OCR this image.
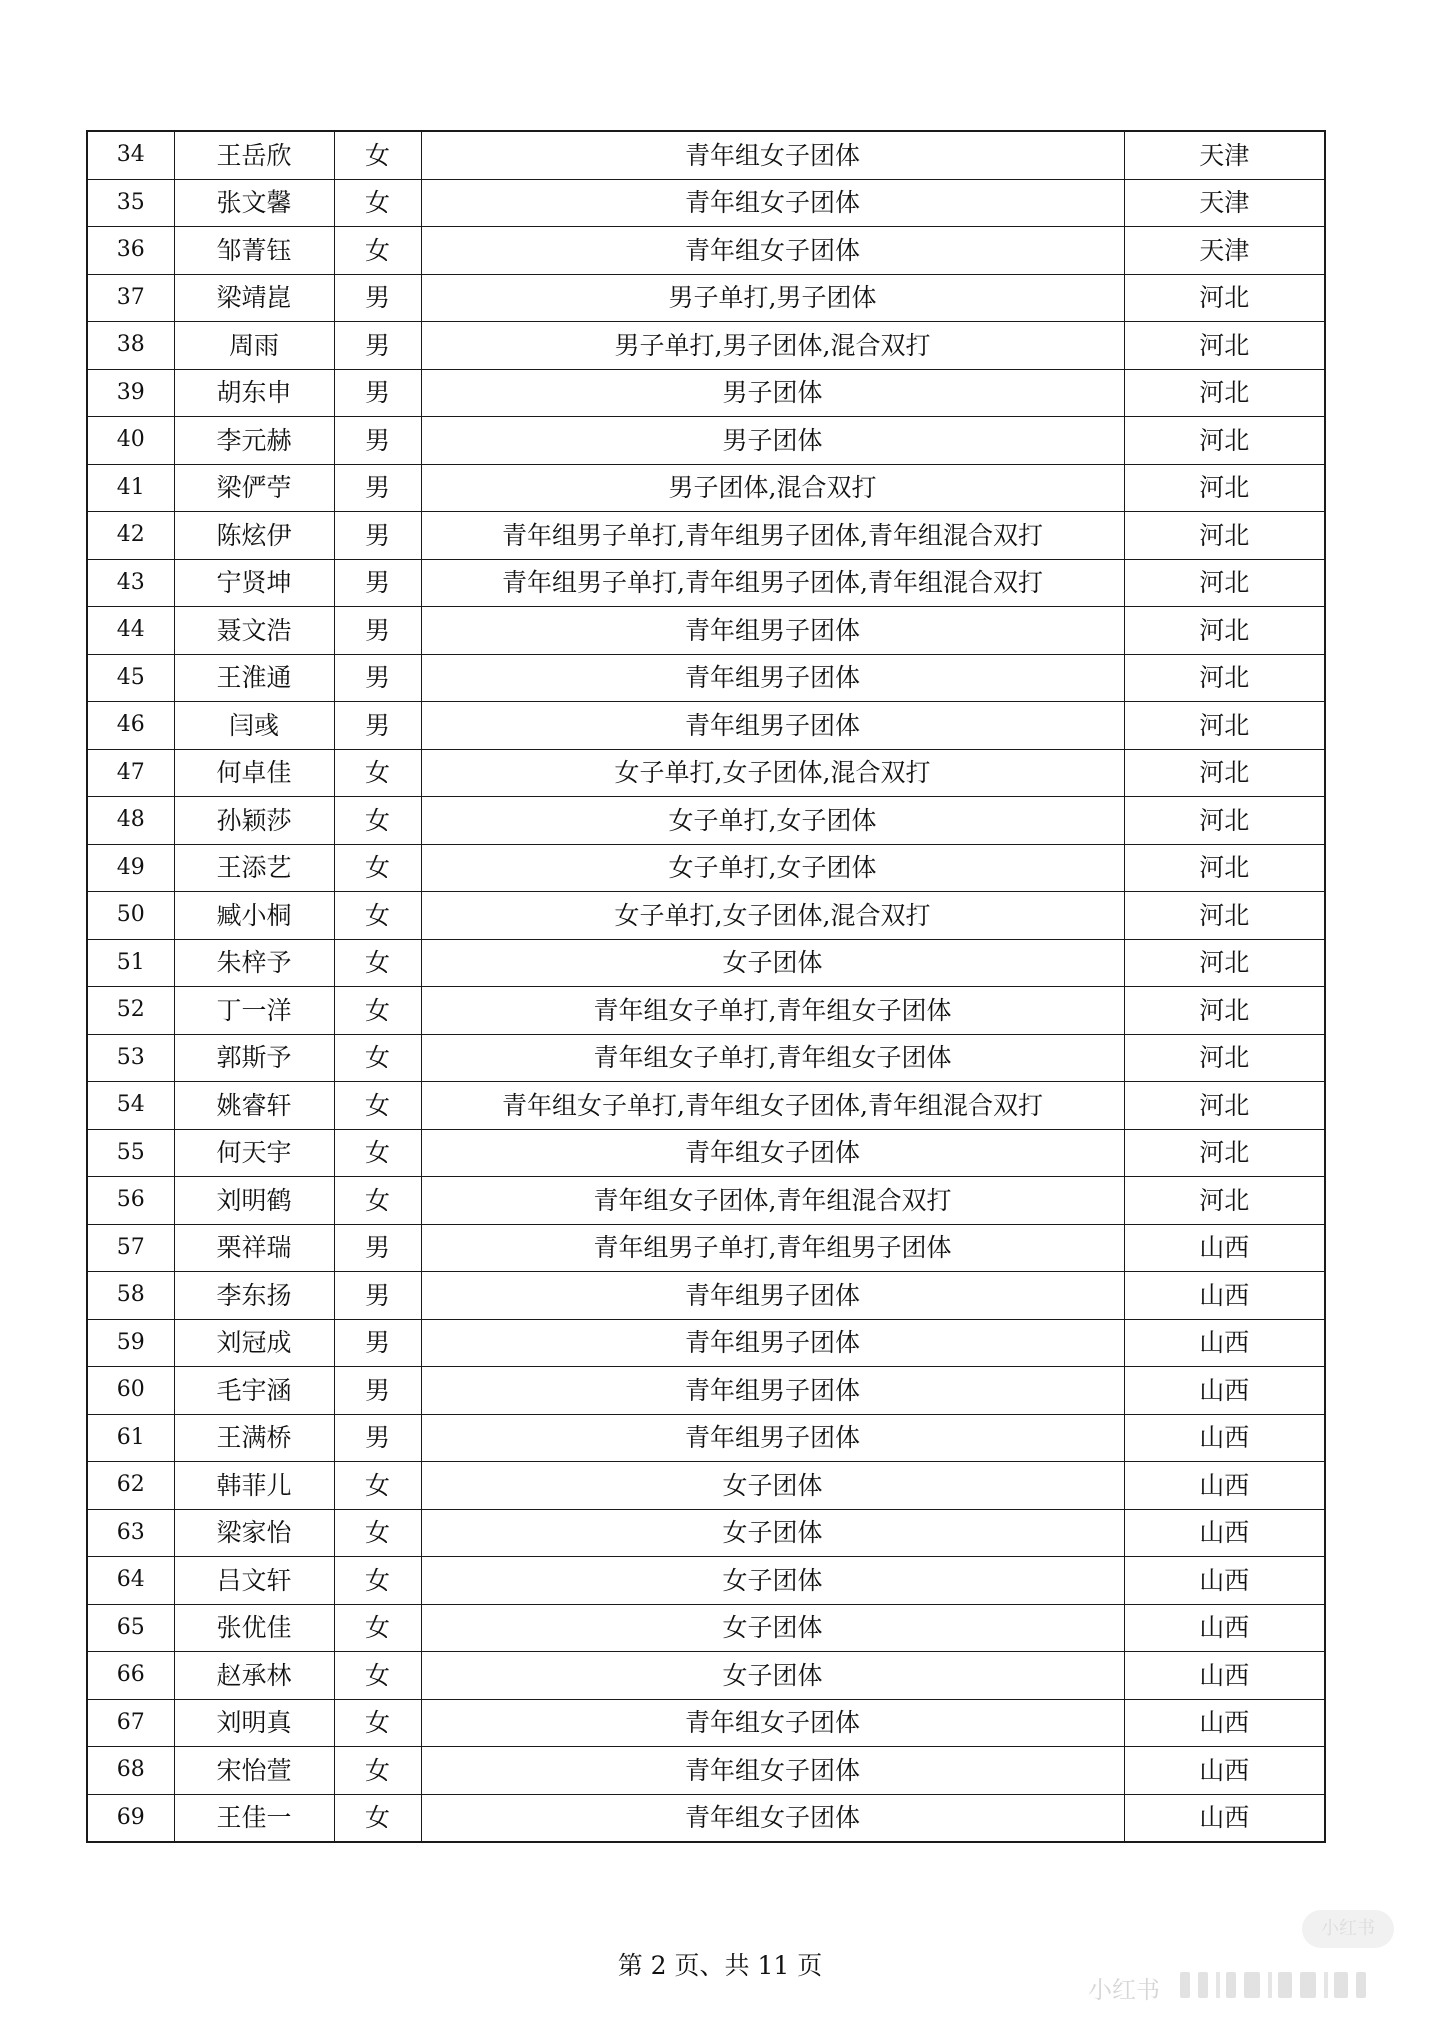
34	王岳欣	女	青年组女子团体	天津
35	张文馨	女	青年组女子团体	天津
36	邹菁钰	女	青年组女子团体	天津
37	梁靖崑	男	男子单打,男子团体	河北
38	周雨	男	男子单打,男子团体,混合双打	河北
39	胡东申	男	男子团体	河北
40	李元赫	男	男子团体	河北
41	梁俨苧	男	男子团体,混合双打	河北
42	陈炫伊	男	青年组男子单打,青年组男子团体,青年组混合双打	河北
43	宁贤坤	男	青年组男子单打,青年组男子团体,青年组混合双打	河北
44	聂文浩	男	青年组男子团体	河北
45	王淮通	男	青年组男子团体	河北
46	闫彧	男	青年组男子团体	河北
47	何卓佳	女	女子单打,女子团体,混合双打	河北
48	孙颖莎	女	女子单打,女子团体	河北
49	王添艺	女	女子单打,女子团体	河北
50	臧小桐	女	女子单打,女子团体,混合双打	河北
51	朱梓予	女	女子团体	河北
52	丁一洋	女	青年组女子单打,青年组女子团体	河北
53	郭斯予	女	青年组女子单打,青年组女子团体	河北
54	姚睿轩	女	青年组女子单打,青年组女子团体,青年组混合双打	河北
55	何天宇	女	青年组女子团体	河北
56	刘明鹤	女	青年组女子团体,青年组混合双打	河北
57	栗祥瑞	男	青年组男子单打,青年组男子团体	山西
58	李东扬	男	青年组男子团体	山西
59	刘冠成	男	青年组男子团体	山西
60	毛宇涵	男	青年组男子团体	山西
61	王满桥	男	青年组男子团体	山西
62	韩菲儿	女	女子团体	山西
63	梁家怡	女	女子团体	山西
64	吕文轩	女	女子团体	山西
65	张优佳	女	女子团体	山西
66	赵承林	女	女子团体	山西
67	刘明真	女	青年组女子团体	山西
68	宋怡萱	女	青年组女子团体	山西
69	王佳一	女	青年组女子团体	山西
第 2 页、共 11 页
小红书
小红书
